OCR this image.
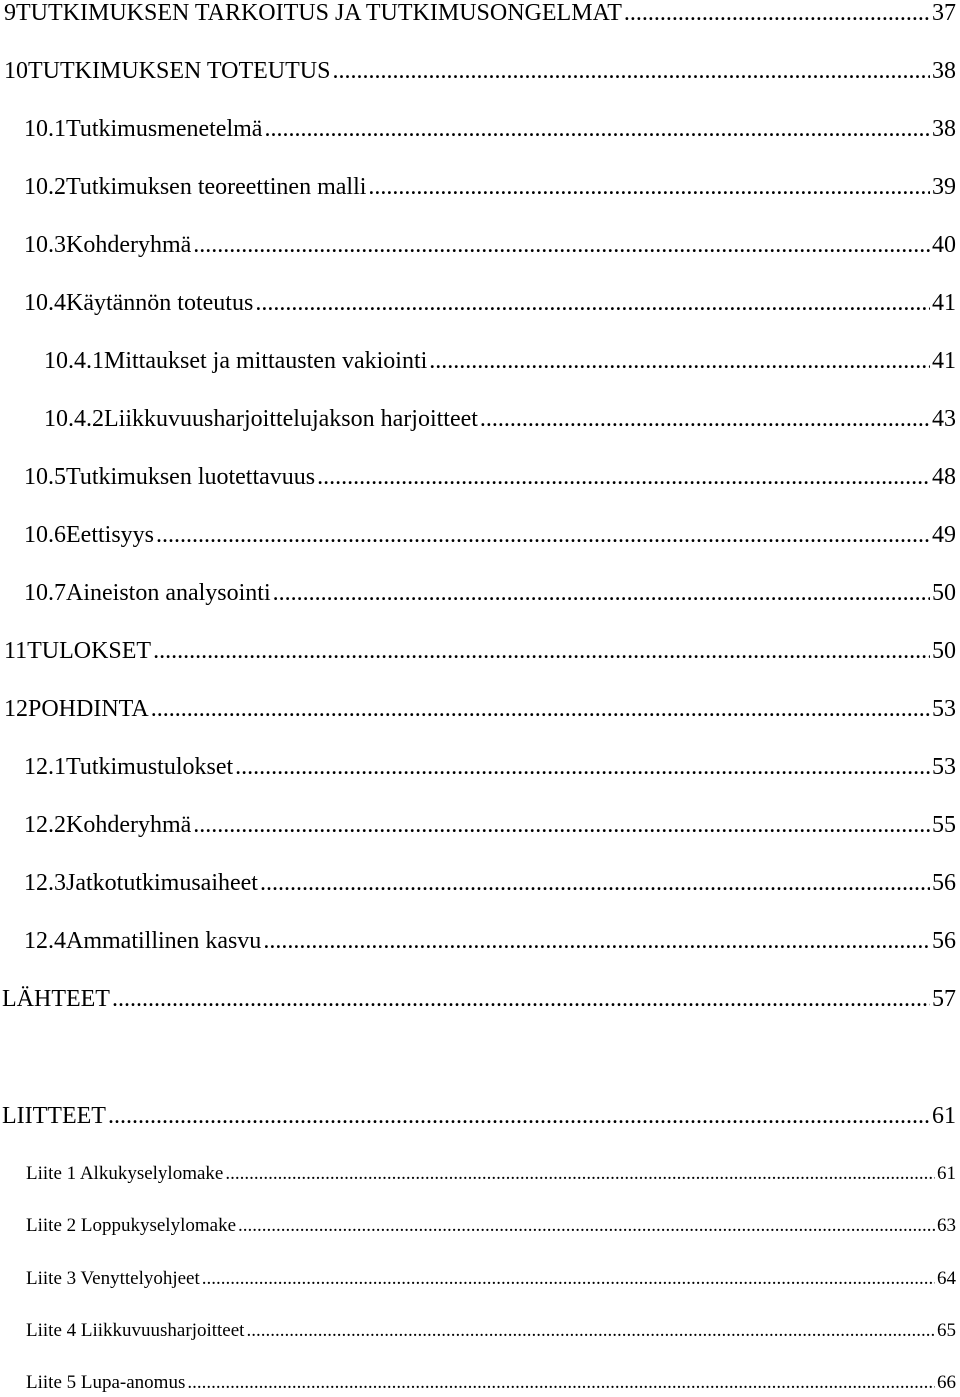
9 TUTKIMUKSEN TARKOITUS JA TUTKIMUSONGELMAT .....	37
10 TUTKIMUKSEN TOTEUTUS .....	38
10.1 Tutkimusmenetelmä .....	38
10.2 Tutkimuksen teoreettinen malli .....	39
10.3 Kohderyhmä .....	40
10.4 Käytännön toteutus .....	41
10.4.1 Mittaukset ja mittausten vakiointi .....	41
10.4.2 Liikkuvuusharjoittelujakson harjoitteet .....	43
10.5 Tutkimuksen luotettavuus .....	48
10.6 Eettisyys .....	49
10.7 Aineiston analysointi .....	50
11 TULOKSET .....	50
12 POHDINTA .....	53
12.1 Tutkimustulokset .....	53
12.2 Kohderyhmä .....	55
12.3 Jatkotutkimusaiheet .....	56
12.4 Ammatillinen kasvu .....	56
LÄHTEET .....	57
LIITTEET .....	61
Liite 1 Alkukyselylomake .....	61
Liite 2 Loppukyselylomake .....	63
Liite 3 Venyttelyohjeet .....	64
Liite 4 Liikkuvuusharjoitteet .....	65
Liite 5 Lupa-anomus .....	66
